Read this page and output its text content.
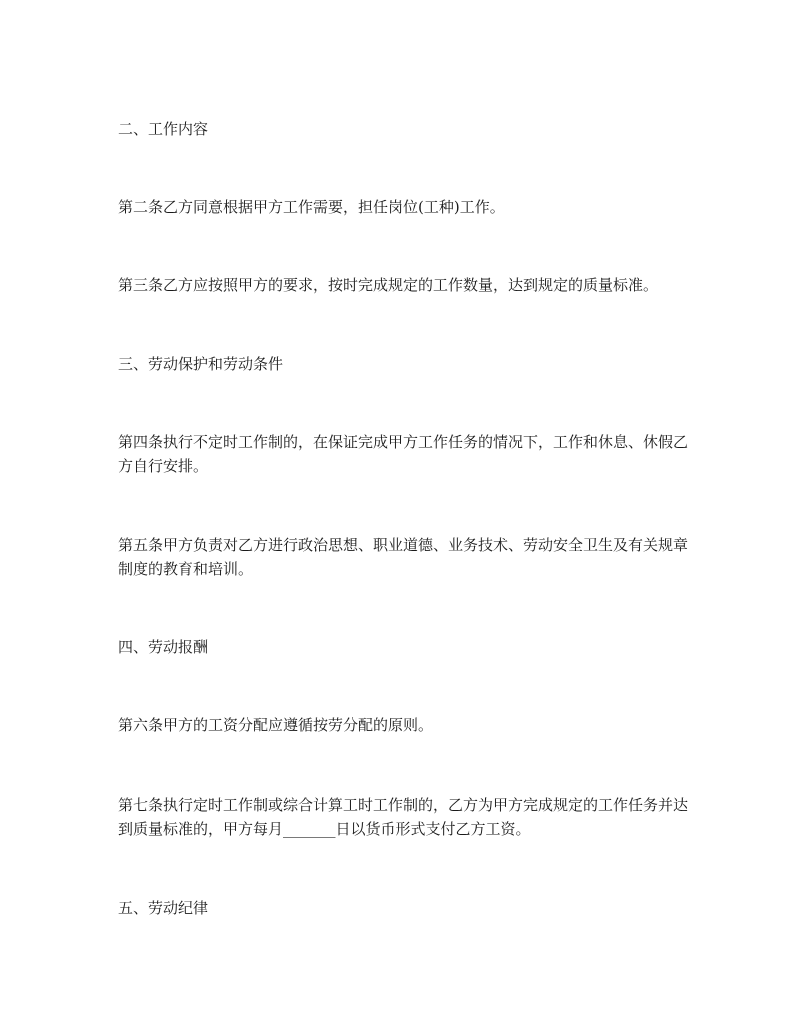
二、工作内容

第二条乙方同意根据甲方工作需要，担任岗位(工种)工作。

第三条乙方应按照甲方的要求，按时完成规定的工作数量，达到规定的质量标准。

三、劳动保护和劳动条件

第四条执行不定时工作制的，在保证完成甲方工作任务的情况下，工作和休息、休假乙方自行安排。

第五条甲方负责对乙方进行政治思想、职业道德、业务技术、劳动安全卫生及有关规章制度的教育和培训。

四、劳动报酬

第六条甲方的工资分配应遵循按劳分配的原则。

第七条执行定时工作制或综合计算工时工作制的，乙方为甲方完成规定的工作任务并达到质量标准的，甲方每月_______日以货币形式支付乙方工资。

五、劳动纪律
